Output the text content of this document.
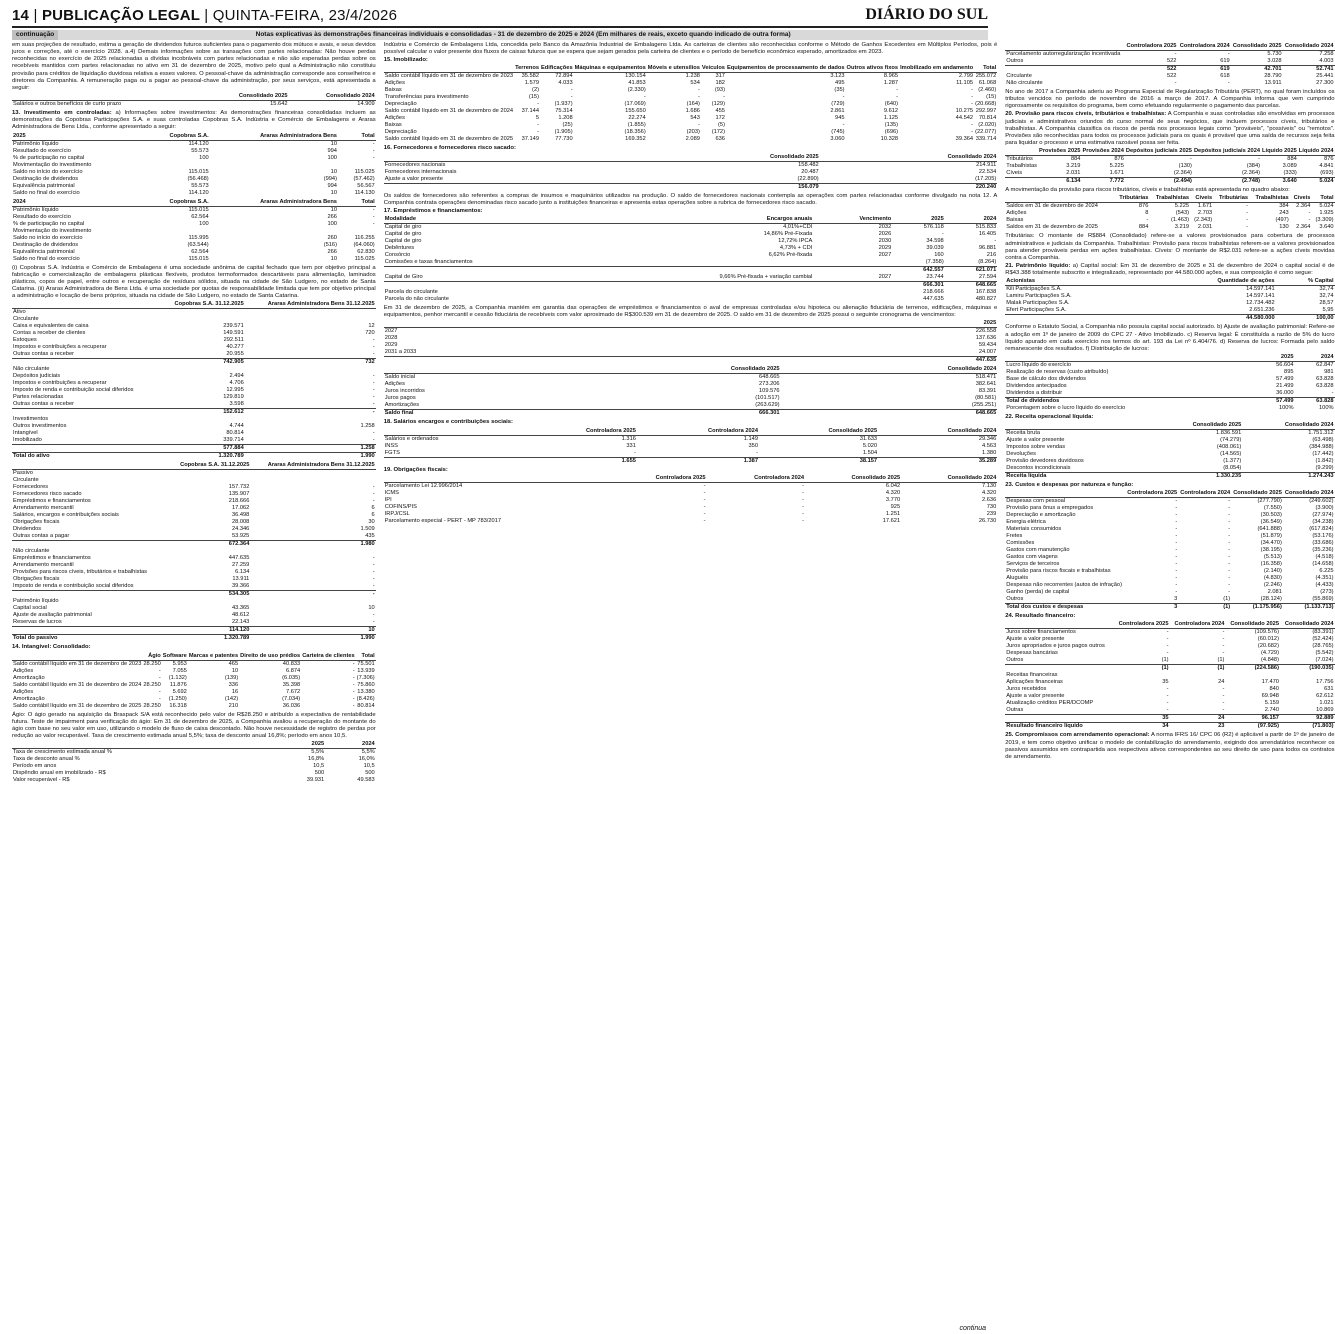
14 | PUBLICAÇÃO LEGAL | QUINTA-FEIRA, 23/4/2026	DIÁRIO DO SUL
continuação	Notas explicativas às demonstrações financeiras individuais e consolidadas - 31 de dezembro de 2025 e 2024 (Em milhares de reais, exceto quando indicado de outra forma)

em suas projeções de resultado, estima a geração de dividendos futuros suficientes para o pagamento dos mútuos e avais, e seus devidos juros e correções, até o exercício 2028. a.4) Demais informações sobre as transações com partes relacionadas: Não houve perdas reconhecidas no exercício de 2025 relacionadas a dívidas incobráveis com partes relacionadas e não são esperadas perdas sobre os recebíveis mantidos com partes relacionadas no ativo em 31 de dezembro de 2025, motivo pelo qual a Administração não constituiu provisão para créditos de liquidação duvidosa relativa a esses valores. O pessoal-chave da administração corresponde aos conselheiros e diretores da Companhia. A remuneração paga ou a pagar ao pessoal-chave da administração, por seus serviços, está apresentada a seguir:

	Consolidado 2025	Consolidado 2024
Salários e outros benefícios de curto prazo	15.642	14.909

13. Investimento em controladas: a) Informações sobre investimentos: As demonstrações financeiras consolidadas incluem as demonstrações da Copobras Participações S.A. e suas controladas Copobras S.A. Indústria e Comércio de Embalagens e Araras Administradora de Bens Ltda., conforme apresentado a seguir:

2025	Copobras S.A.	Araras Administradora Bens	Total
Patrimônio líquido	114.120	10	-
Resultado do exercício	55.573	994	-
% de participação no capital	100	100	-
Movimentação do investimento			
Saldo no início do exercício	115.015	10	115.025
Destinação de dividendos	(56.468)	(994)	(57.462)
Equivalência patrimonial	55.573	994	56.567
Saldo no final do exercício	114.120	10	114.130
2024	Copobras S.A.	Araras Administradora Bens	Total
Patrimônio líquido	115.015	10	-
Resultado do exercício	62.564	266	-
% de participação no capital	100	100	-
Movimentação do investimento			
Saldo no início do exercício	115.995	260	116.255
Destinação de dividendos	(63.544)	(516)	(64.060)
Equivalência patrimonial	62.564	266	62.830
Saldo no final do exercício	115.015	10	115.025

(i) Copobras S.A. Indústria e Comércio de Embalagens é uma sociedade anônima de capital fechado que tem por objetivo principal a fabricação e comercialização de embalagens plásticas flexíveis, produtos termoformados descartáveis para alimentação, laminados plásticos, copos de papel, entre outros e recuperação de resíduos sólidos, situada na cidade de São Ludgero, no estado de Santa Catarina. (ii) Araras Administradora de Bens Ltda. é uma sociedade por quotas de responsabilidade limitada que tem por objetivo principal a administração e locação de bens próprios, situada na cidade de São Ludgero, no estado de Santa Catarina.

	Copobras S.A. 31.12.2025	Araras Administradora Bens 31.12.2025
Ativo		
Circulante		
Caixa e equivalentes de caixa	239.571	12
Contas a receber de clientes	149.591	720
Estoques	292.511	-
Impostos e contribuições a recuperar	40.277	-
Outras contas a receber	20.955	-
	742.905	732
Não circulante		
Depósitos judiciais	2.494	-
Impostos e contribuições a recuperar	4.706	-
Imposto de renda e contribuição social diferidos	12.995	-
Partes relacionadas	129.819	-
Outras contas a receber	3.598	-
	152.612	-
Investimentos		
Outros investimentos	4.744	1.258
Intangível	80.814	-
Imobilizado	339.714	-
	577.884	1.258
Total do ativo	1.320.789	1.990
	Copobras S.A. 31.12.2025	Araras Administradora Bens 31.12.2025
Passivo		
Circulante		
Fornecedores	157.732	-
Fornecedores risco sacado	135.907	-
Empréstimos e financiamentos	218.666	-
Arrendamento mercantil	17.062	6
Salários, encargos e contribuições sociais	36.498	6
Obrigações fiscais	28.008	30
Dividendos	24.346	1.509
Outras contas a pagar	53.925	435
	672.364	1.980
Não circulante		
Empréstimos e financiamentos	447.635	-
Arrendamento mercantil	27.259	-
Provisões para riscos cíveis, tributários e trabalhistas	6.134	-
Obrigações fiscais	13.911	-
Imposto de renda e contribuição social diferidos	39.366	-
	534.305	-
Patrimônio líquido		
Capital social	43.365	10
Ajuste de avaliação patrimonial	48.612	-
Reservas de lucros	22.143	-
	114.120	10
Total do passivo	1.320.789	1.990

14. Intangível: Consolidado:

	Ágio	Software	Marcas e patentes	Direito de uso prédios	Carteira de clientes	Total
Saldo contábil líquido em 31 de dezembro de 2023	28.250	5.953	465	40.833	-	75.501
Adições	-	7.055	10	6.874	-	13.939
Amortização	-	(1.132)	(139)	(6.035)	-	(7.306)
Saldo contábil líquido em 31 de dezembro de 2024	28.250	11.876	336	35.398	-	75.860
Adições	-	5.692	16	7.672	-	13.380
Amortização	-	(1.250)	(142)	(7.034)	-	(8.426)
Saldo contábil líquido em 31 de dezembro de 2025	28.250	16.318	210	36.036	-	80.814

Ágio: O ágio gerado na aquisição da Braspack S/A está reconhecido pelo valor de R$28.250 e atribuído a expectativa de rentabilidade futura. Teste de impairment para verificação do ágio: Em 31 de dezembro de 2025, a Companhia avaliou a recuperação do montante do ágio com base no seu valor em uso, utilizando o modelo de fluxo de caixa descontado. Não houve necessidade de registro de perdas por redução ao valor recuperável. Taxa de crescimento estimada anual 5,5%; taxa de desconto anual 16,8%; período em anos 10,5.

	2025	2024
Taxa de crescimento estimada anual %	5,5%	5,5%
Taxa de desconto anual %	16,8%	16,0%
Período em anos	10,5	10,5
Dispêndio anual em imobilizado - R$	500	500
Valor recuperável - R$	39.931	49.583

Indústria e Comércio de Embalagens Ltda, concedida pelo Banco da Amazônia Industrial de Embalagens Ltda. As carteiras de clientes são reconhecidas conforme o Método de Ganhos Excedentes em Múltiplos Períodos, pois é possível calcular o valor presente dos fluxos de caixas futuros que se espera que sejam gerados pela carteira de clientes e o período de benefício econômico esperado, amortizados em 2023.

15. Imobilizado:

	Terrenos	Edificações	Máquinas e equipamentos	Móveis e utensílios	Veículos	Equipamentos de processamento de dados	Outros ativos fixos	Imobilizado em andamento	Total
Saldo contábil líquido em 31 de dezembro de 2023	35.582	72.894	130.154	1.238	317	3.123	8.965	2.799	255.072
Adições	1.579	4.033	41.853	534	182	495	1.287	11.105	61.068
Baixas	(2)	-	(2.330)	-	(93)	(35)	-	-	(2.460)
Transferências para investimento	(15)	-	-	-	-	-	-	-	(15)
Depreciação	-	(1.937)	(17.069)	(164)	(129)	(729)	(640)	-	(20.668)
Saldo contábil líquido em 31 de dezembro de 2024	37.144	75.314	155.650	1.686	455	2.861	9.612	10.275	292.997
Adições	5	1.208	22.274	543	172	945	1.125	44.542	70.814
Baixas	-	(25)	(1.855)	-	(5)	-	(135)	-	(2.020)
Depreciação	-	(1.905)	(18.356)	(203)	(172)	(745)	(696)	-	(22.077)
Saldo contábil líquido em 31 de dezembro de 2025	37.149	77.730	169.352	2.089	636	3.060	10.328	39.364	339.714

16. Fornecedores e fornecedores risco sacado:

	Consolidado 2025	Consolidado 2024
Fornecedores nacionais	158.482	214.911
Fornecedores internacionais	20.487	22.534
Ajuste a valor presente	(22.890)	(17.205)
	156.079	220.240

Os saldos de fornecedores são referentes a compras de insumos e maquinários utilizados na produção. O saldo de fornecedores nacionais contempla as operações com partes relacionadas conforme divulgado na nota 12. A Companhia contrata operações denominadas risco sacado junto a instituições financeiras e apresenta estas operações sobre a rubrica de fornecedores risco sacado.

17. Empréstimos e financiamentos:

Modalidade	Encargos anuais	Vencimento	2025	2024
Capital de giro	4,01%+CDI	2032	576.118	515.833
Capital de giro	14,86% Pré-Fixada	2026	-	16.405
Capital de giro	12,72% IPCA	2030	34.598	-
Debêntures	4,73% + CDI	2029	39.039	96.881
Consórcio	6,62% Pré-fixada	2027	160	216
Comissões e taxas financiamentos			(7.358)	(8.264)
			642.557	621.071
Capital de Giro	9,66% Pré-fixada + variação cambial	2027	23.744	27.594
			666.301	648.665
Parcela do circulante			218.666	167.838
Parcela do não circulante			447.635	480.827

Em 31 de dezembro de 2025, a Companhia mantém em garantia das operações de empréstimos e financiamentos o aval de empresas controladas e/ou hipoteca ou alienação fiduciária de terrenos, edificações, máquinas e equipamentos, penhor mercantil e cessão fiduciária de recebíveis com valor aproximado de R$300.539 em 31 de dezembro de 2025. O saldo em 31 de dezembro de 2025 possui o seguinte cronograma de vencimentos:

	2025
2027	226.558
2028	137.636
2029	59.434
2031 a 2033	24.007
	447.635
	Consolidado 2025	Consolidado 2024
Saldo inicial	648.665	518.471
Adições	273.206	382.641
Juros incorridos	109.576	83.391
Juros pagos	(101.517)	(80.581)
Amortizações	(263.629)	(255.251)
Saldo final	666.301	648.665

18. Salários encargos e contribuições sociais:

	Controladora 2025	Controladora 2024	Consolidado 2025	Consolidado 2024
Salários e ordenados	1.316	1.149	31.633	29.346
INSS	331	350	5.020	4.563
FGTS	-	-	1.504	1.380
	1.655	1.387	38.157	35.289

19. Obrigações fiscais:

	Controladora 2025	Controladora 2024	Consolidado 2025	Consolidado 2024
Parcelamento Lei 12.996/2014	-	-	6.042	7.130
ICMS	-	-	4.320	4.320
IPI	-	-	3.770	2.636
COFINS/PIS	-	-	925	730
IRPJ/CSL	-	-	1.251	239
Parcelamento especial - PERT - MP 783/2017	-	-	17.621	26.730
	Controladora 2025	Controladora 2024	Consolidado 2025	Consolidado 2024
Parcelamento autorregularização incentivada	-	-	5.730	7.258
Outros	522	619	3.028	4.003
	522	619	42.701	52.741
Circulante	522	618	28.790	25.441
Não circulante	-	-	13.911	27.300

No ano de 2017 a Companhia aderiu ao Programa Especial de Regularização Tributária (PERT), no qual foram incluídos os tributos vencidos no período de novembro de 2016 a março de 2017. A Companhia informa que vem cumprindo rigorosamente os requisitos do programa, bem como efetuando regularmente o pagamento das parcelas.

20. Provisão para riscos cíveis, tributários e trabalhistas: A Companhia e suas controladas são envolvidas em processos judiciais e administrativos oriundos do curso normal de seus negócios, que incluem processos cíveis, tributários e trabalhistas. A Companhia classifica os riscos de perda nos processos legais como "prováveis", "possíveis" ou "remotos". Provisões são reconhecidas para todos os processos judiciais para os quais é provável que uma saída de recursos seja feita para liquidar o processo e uma estimativa razoável possa ser feita.

	Provisões 2025	Provisões 2024	Depósitos judiciais 2025	Depósitos judiciais 2024	Líquido 2025	Líquido 2024
Tributários	884	876	-	-	884	876
Trabalhistas	3.219	5.225	(130)	(384)	3.089	4.841
Cíveis	2.031	1.671	(2.364)	(2.364)	(333)	(693)
	6.134	7.772	(2.494)	(2.748)	3.640	5.024

A movimentação da provisão para riscos tributários, cíveis e trabalhistas está apresentada no quadro abaixo:

	Tributárias	Trabalhistas	Cíveis	Tributárias	Trabalhistas	Cíveis	Total
Saldos em 31 de dezembro de 2024	876	5.225	1.671	-	384	2.364	5.024
Adições	8	(543)	2.703	-	243	-	1.925
Baixas	-	(1.463)	(2.343)	-	(497)	-	(3.309)
Saldos em 31 de dezembro de 2025	884	3.219	2.031	-	130	2.364	3.640

Tributárias: O montante de R$884 (Consolidado) refere-se a valores provisionados para cobertura de processos administrativos e judiciais da Companhia. Trabalhistas: Provisão para riscos trabalhistas referem-se a valores provisionados para atender prováveis perdas em ações trabalhistas. Cíveis: O montante de R$2.031 refere-se a ações cíveis movidas contra a Companhia.

21. Patrimônio líquido: a) Capital social: Em 31 de dezembro de 2025 e 31 de dezembro de 2024 o capital social é de R$43.388 totalmente subscrito e integralizado, representado por 44.580.000 ações, e sua composição é como segue:

Acionistas	Quantidade de ações	% Capital
Kili Participações S.A.	14.597.141	32,74
Lamiru Participações S.A.	14.597.141	32,74
Malak Participações S.A.	12.734.482	28,57
Efert Participações S.A.	2.651.236	5,95
	44.580.000	100,00

Conforme o Estatuto Social, a Companhia não possuía capital social autorizado. b) Ajuste de avaliação patrimonial: Refere-se a adoção em 1º de janeiro de 2009 do CPC 27 - Ativo Imobilizado. c) Reserva legal: É constituída a razão de 5% do lucro líquido apurado em cada exercício nos termos do art. 193 da Lei nº 6.404/76. d) Reserva de lucros: Formada pelo saldo remanescente dos resultados. f) Distribuição de lucros:

	2025	2024
Lucro líquido do exercício	56.604	62.847
Realização de reservas (custo atribuído)	895	981
Base de cálculo dos dividendos	57.499	63.828
Dividendos antecipados	21.499	63.828
Dividendos a distribuir	36.000	-
Total de dividendos	57.499	63.828
Porcentagem sobre o lucro líquido do exercício	100%	100%

22. Receita operacional líquida:

	Consolidado 2025	Consolidado 2024
Receita bruta	1.836.591	1.751.312
Ajuste a valor presente	(74.279)	(63.498)
Impostos sobre vendas	(408.061)	(384.988)
Devoluções	(14.565)	(17.442)
Provisão devedores duvidosos	(1.377)	(1.842)
Descontos incondicionais	(8.054)	(9.299)
Receita líquida	1.330.235	1.274.243

23. Custos e despesas por natureza e função:

	Controladora 2025	Controladora 2024	Consolidado 2025	Consolidado 2024
Despesas com pessoal	-	-	(277.790)	(249.602)
Provisão para ônus a empregados	-	-	(7.550)	(3.900)
Depreciação e amortização	-	-	(30.503)	(27.974)
Energia elétrica	-	-	(36.549)	(34.238)
Materiais consumidos	-	-	(641.888)	(617.824)
Fretes	-	-	(51.879)	(53.176)
Comissões	-	-	(34.470)	(33.686)
Gastos com manutenção	-	-	(38.195)	(35.236)
Gastos com viagens	-	-	(5.513)	(4.518)
Serviços de terceiros	-	-	(16.358)	(14.658)
Provisão para riscos fiscais e trabalhistas	-	-	(2.140)	6.225
Aluguéis	-	-	(4.830)	(4.351)
Despesas não recorrentes (autos de infração)	-	-	(2.246)	(4.433)
Ganho (perda) de capital	-	-	2.081	(273)
Outros	3	(1)	(28.124)	(55.869)
Total dos custos e despesas	3	(1)	(1.175.956)	(1.133.713)

24. Resultado financeiro:

	Controladora 2025	Controladora 2024	Consolidado 2025	Consolidado 2024
Juros sobre financiamentos	-	-	(109.576)	(83.391)
Ajuste a valor presente	-	-	(60.012)	(52.424)
Juros apropriados e juros pagos outros	-	-	(20.682)	(28.765)
Despesas bancárias	-	-	(4.729)	(5.542)
Outros	(1)	(1)	(4.848)	(7.024)
	(1)	(1)	(224.586)	(190.035)
Receitas financeiras				
Aplicações financeiras	35	24	17.470	17.756
Juros recebidos	-	-	840	631
Ajuste a valor presente	-	-	69.948	62.612
Atualização créditos PER/DCOMP	-	-	5.159	1.021
Outras	-	-	2.740	10.869
	35	24	96.157	92.889
Resultado financeiro líquido	34	23	(97.925)	(71.803)

25. Compromissos com arrendamento operacional: A norma IFRS 16/ CPC 06 (R2) é aplicável a partir de 1º de janeiro de 2019, e tem como objetivo unificar o modelo de contabilização do arrendamento, exigindo dos arrendatários reconhecer os passivos assumidos em contrapartida aos respectivos ativos correspondentes ao seu direito de uso para todos os contratos de arrendamento.

continua
